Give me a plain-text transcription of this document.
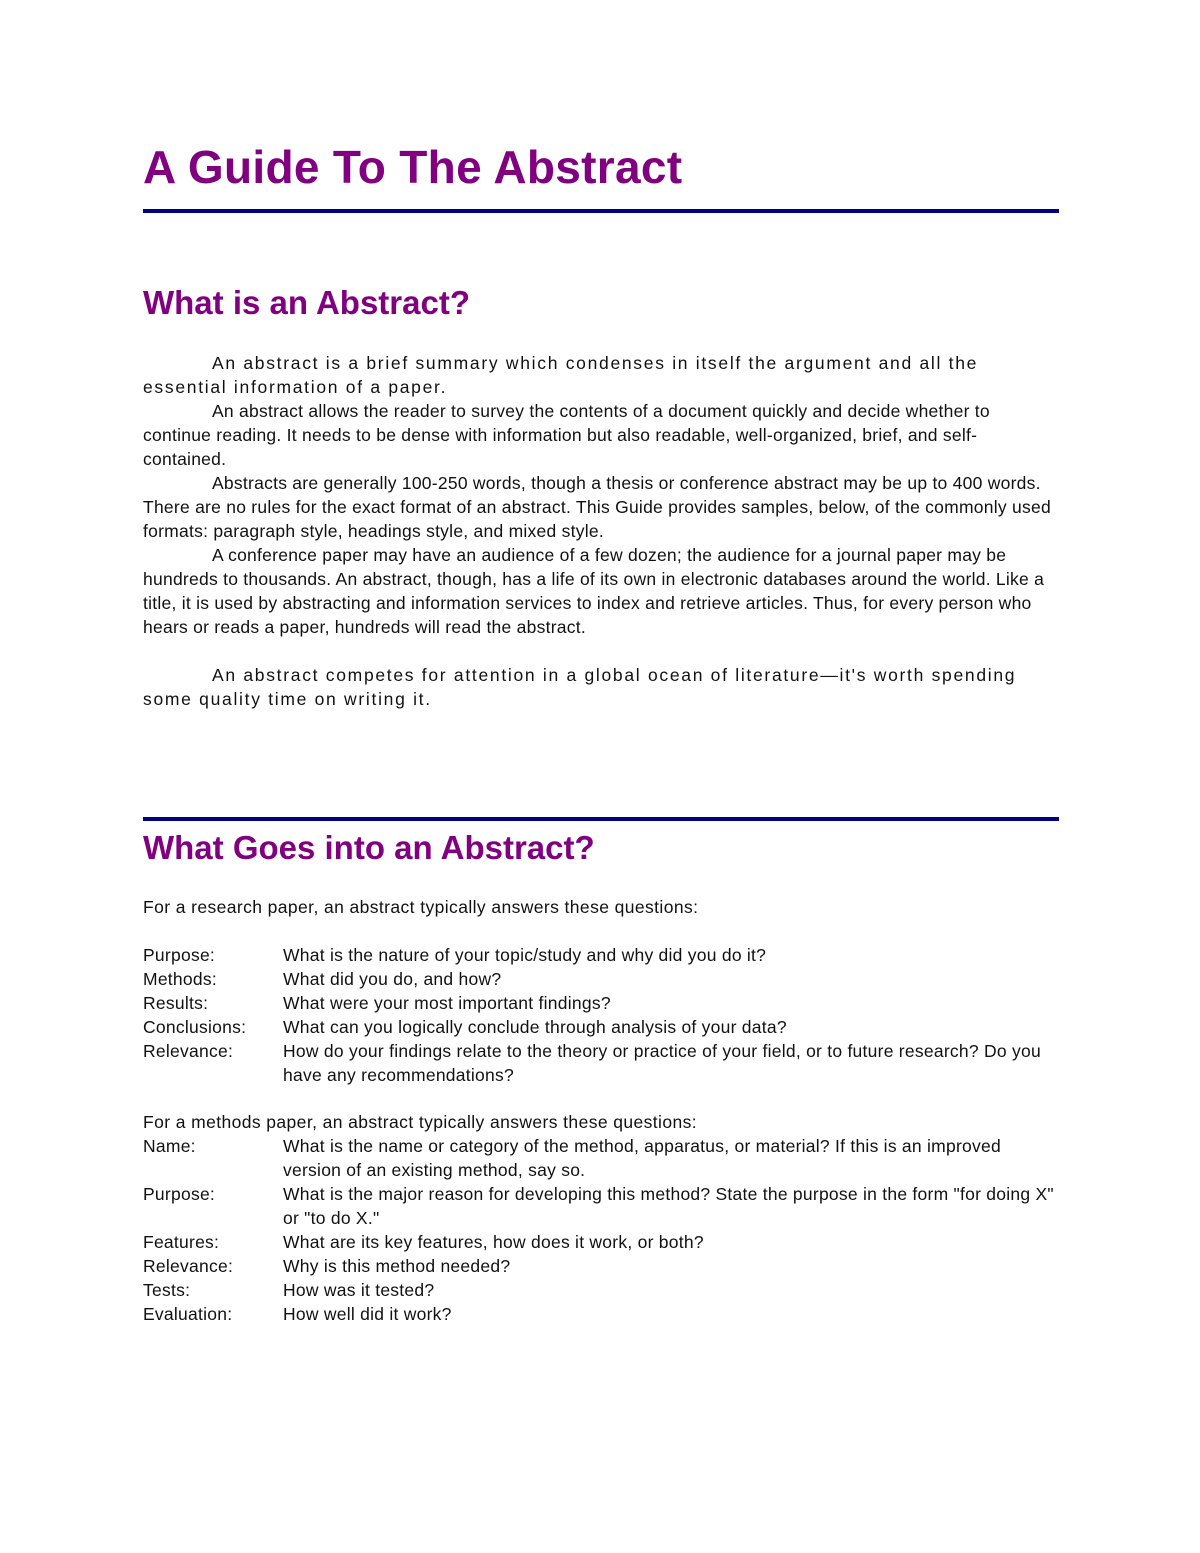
A Guide To The Abstract
What is an Abstract?

An abstract is a brief summary which condenses in itself the argument and all the essential information of a paper.

An abstract allows the reader to survey the contents of a document quickly and decide whether to continue reading. It needs to be dense with information but also readable, well-organized, brief, and self-contained.

Abstracts are generally 100-250 words, though a thesis or conference abstract may be up to 400 words. There are no rules for the exact format of an abstract. This Guide provides samples, below, of the commonly used formats: paragraph style, headings style, and mixed style.

A conference paper may have an audience of a few dozen; the audience for a journal paper may be hundreds to thousands. An abstract, though, has a life of its own in electronic databases around the world. Like a title, it is used by abstracting and information services to index and retrieve articles. Thus, for every person who hears or reads a paper, hundreds will read the abstract.

An abstract competes for attention in a global ocean of literature—it's worth spending some quality time on writing it.

What Goes into an Abstract?
For a research paper, an abstract typically answers these questions:
Purpose:	What is the nature of your topic/study and why did you do it?
Methods:	What did you do, and how?
Results:	What were your most important findings?
Conclusions:	What can you logically conclude through analysis of your data?
Relevance:	How do your findings relate to the theory or practice of your field, or to future research? Do you have any recommendations?
For a methods paper, an abstract typically answers these questions:
Name:	What is the name or category of the method, apparatus, or material? If this is an improved version of an existing method, say so.
Purpose:	What is the major reason for developing this method? State the purpose in the form "for doing X" or "to do X."
Features:	What are its key features, how does it work, or both?
Relevance:	Why is this method needed?
Tests:	How was it tested?
Evaluation:	How well did it work?
